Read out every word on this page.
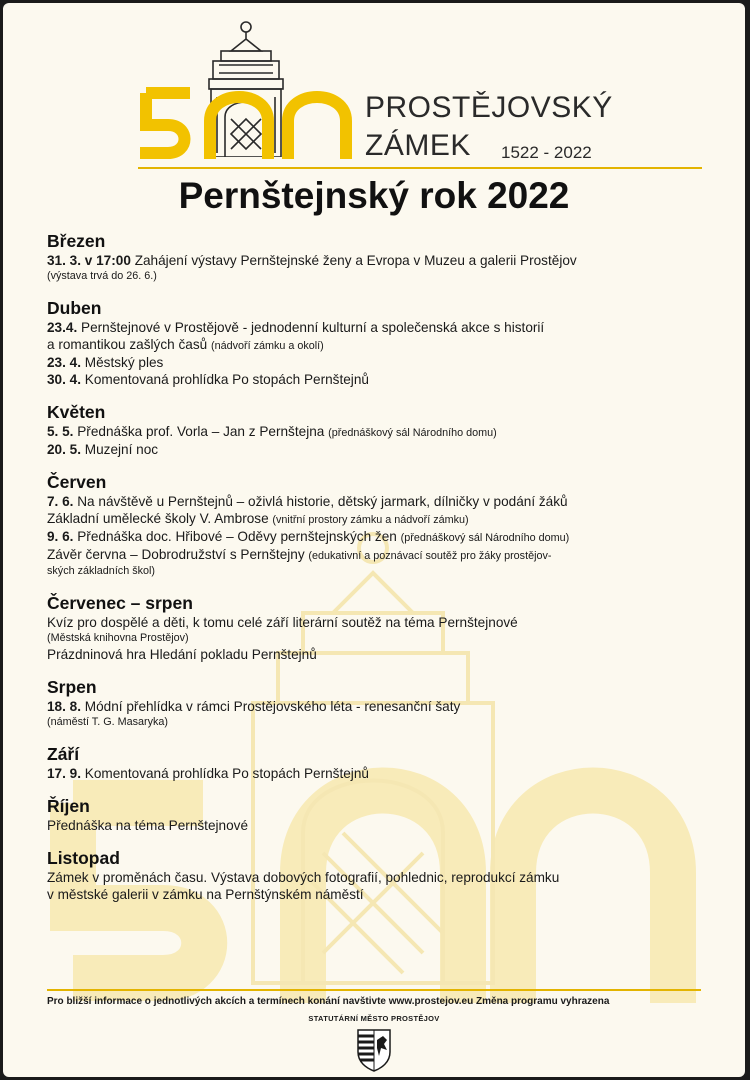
500
PROSTĚJOVSKÝ
ZÁMEK	1522 - 2022
Pernštejnský rok 2022
Březen
31. 3. v 17:00 Zahájení výstavy Pernštejnské ženy a Evropa v Muzeu a galerii Prostějov
(výstava trvá do 26. 6.)
Duben
23.4. Pernštejnové v Prostějově - jednodenní kulturní a společenská akce s historií
a romantikou zašlých časů (nádvoří zámku a okolí)
23. 4. Městský ples
30. 4. Komentovaná prohlídka Po stopách Pernštejnů
Květen
5. 5. Přednáška prof. Vorla – Jan z Pernštejna (přednáškový sál Národního domu)
20. 5. Muzejní noc
Červen
7. 6. Na návštěvě u Pernštejnů – oživlá historie, dětský jarmark, dílničky v podání žáků
Základní umělecké školy V. Ambrose (vnitřní prostory zámku a nádvoří zámku)
9. 6. Přednáška doc. Hřibové – Oděvy pernštejnských žen (přednáškový sál Národního domu)
Závěr června – Dobrodružství s Pernštejny (edukativní a poznávací soutěž pro žáky prostějov-
ských základních škol)
Červenec – srpen
Kvíz pro dospělé a děti, k tomu celé září literární soutěž na téma Pernštejnové
(Městská knihovna Prostějov)
Prázdninová hra Hledání pokladu Pernštejnů
Srpen
18. 8. Módní přehlídka v rámci Prostějovského léta - renesanční šaty
(náměstí T. G. Masaryka)
Září
17. 9. Komentovaná prohlídka Po stopách Pernštejnů
Říjen
Přednáška na téma Pernštejnové
Listopad
Zámek v proměnách času. Výstava dobových fotografií, pohlednic, reprodukcí zámku
v městské galerii v zámku na Pernštýnském náměstí
Pro bližší informace o jednotlivých akcích a termínech konání navštivte www.prostejov.eu Změna programu vyhrazena
STATUTÁRNÍ MĚSTO PROSTĚJOV
